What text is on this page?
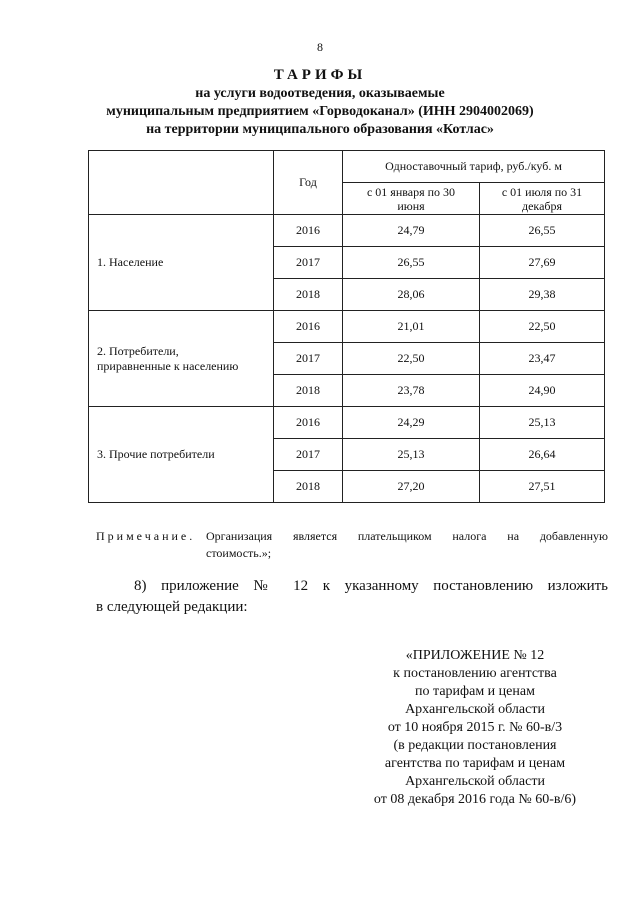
8
ТАРИФЫ
на услуги водоотведения, оказываемые
муниципальным предприятием «Горводоканал» (ИНН 2904002069)
на территории муниципального образования «Котлас»
	Год	Одноставочный тариф, руб./куб. м	

		с 01 января по 30 июня	с 01 июля по 31 декабря

1. Население	2016	24,79	26,55
	2017	26,55	27,69
	2018	28,06	29,38

2. Потребители,
приравненные к населению	2016	21,01	22,50
	2017	22,50	23,47
	2018	23,78	24,90
3. Прочие потребители	2016	24,29	25,13
	2017	25,13	26,64
	2018	27,20	27,51
Примечание. Организация является плательщиком налога на добавленную
стоимость.»;
8) приложение № 12 к указанному постановлению изложить
в следующей редакции:
«ПРИЛОЖЕНИЕ № 12
к постановлению агентства
по тарифам и ценам
Архангельской области
от 10 ноября 2015 г. № 60-в/3
(в редакции постановления
агентства по тарифам и ценам
Архангельской области
от 08 декабря 2016 года № 60-в/6)
